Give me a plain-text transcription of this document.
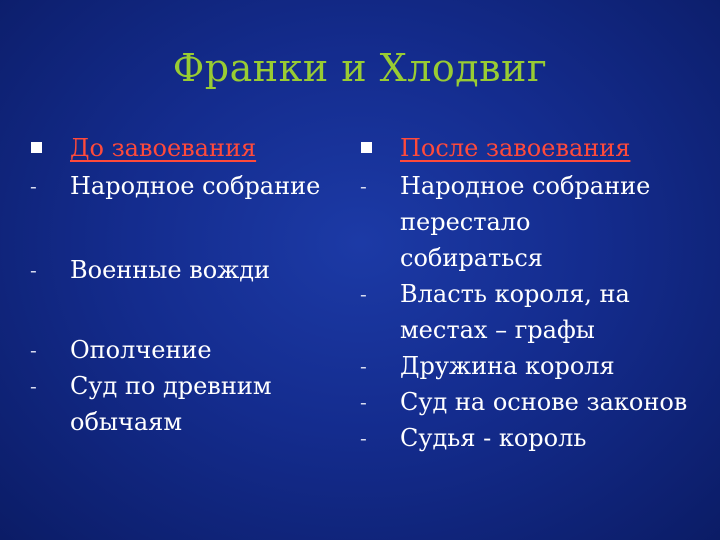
Франки и Хлодвиг
До завоевания
-	Народное собрание
-	Военные вожди
-	Ополчение
-	Суд по древним обычаям
После завоевания
-	Народное собрание перестало собираться
-	Власть короля, на местах – графы
-	Дружина короля
-	Суд на основе законов
-	Судья - король
